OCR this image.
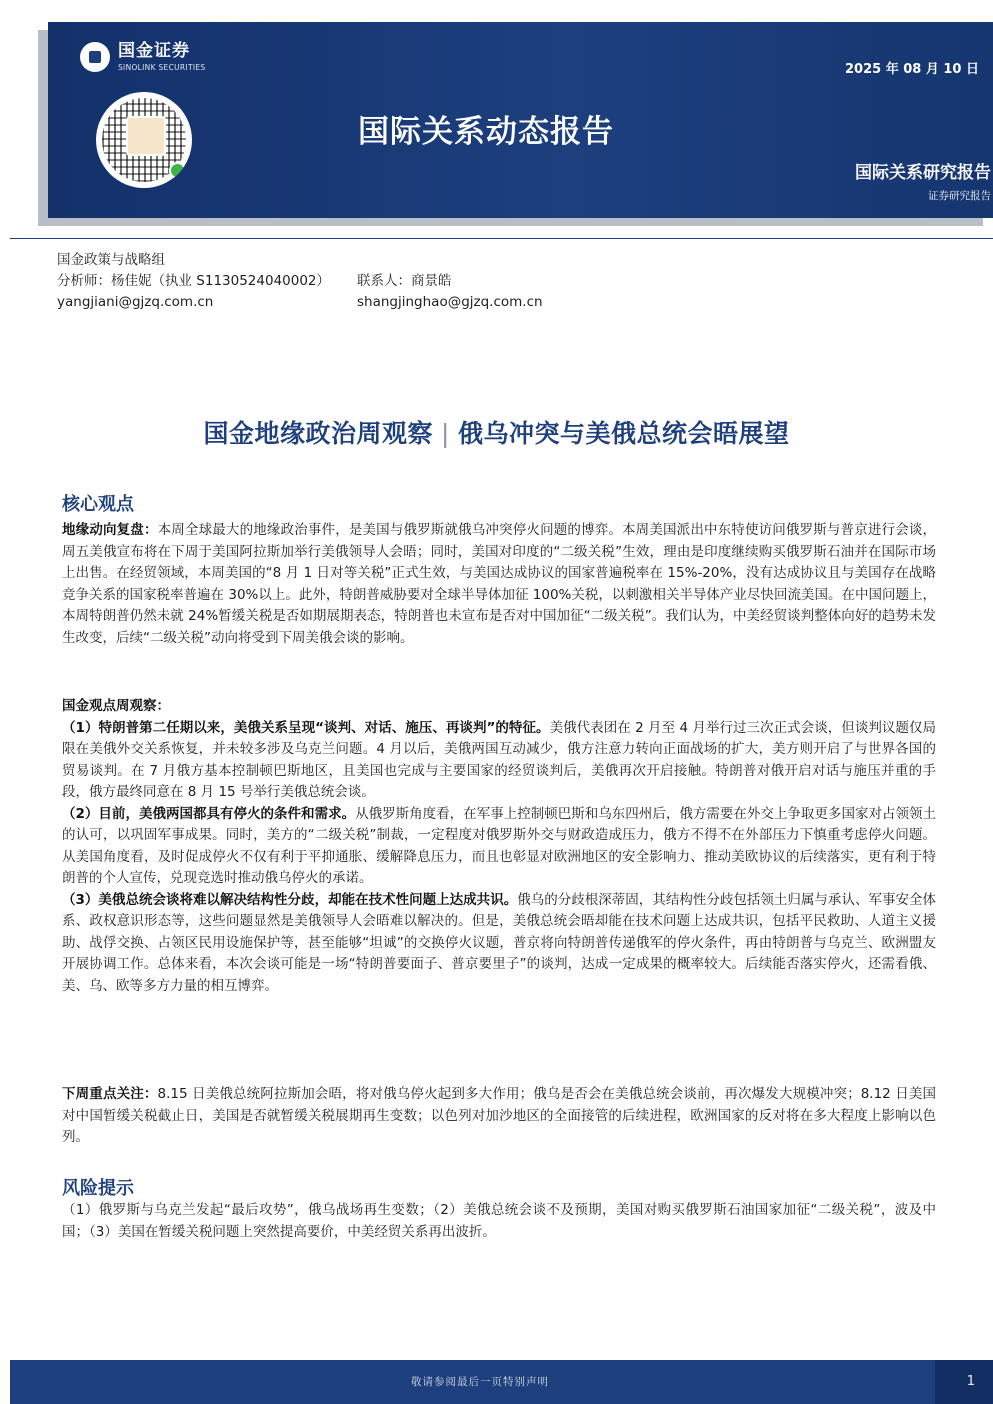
国金证券
SINOLINK SECURITIES
国际关系动态报告
2025 年 08 月 10 日
国际关系研究报告
证券研究报告
国金政策与战略组
分析师：杨佳妮（执业 S1130524040002）	联系人：商景皓
yangjiani@gjzq.com.cn	shangjinghao@gjzq.com.cn
国金地缘政治周观察 | 俄乌冲突与美俄总统会晤展望
核心观点

地缘动向复盘：本周全球最大的地缘政治事件，是美国与俄罗斯就俄乌冲突停火问题的博弈。本周美国派出中东特使访问俄罗斯与普京进行会谈，周五美俄宣布将在下周于美国阿拉斯加举行美俄领导人会晤；同时，美国对印度的“二级关税”生效，理由是印度继续购买俄罗斯石油并在国际市场上出售。在经贸领域，本周美国的“8 月 1 日对等关税”正式生效，与美国达成协议的国家普遍税率在 15%-20%，没有达成协议且与美国存在战略竞争关系的国家税率普遍在 30%以上。此外，特朗普威胁要对全球半导体加征 100%关税，以刺激相关半导体产业尽快回流美国。在中国问题上，本周特朗普仍然未就 24%暂缓关税是否如期展期表态，特朗普也未宣布是否对中国加征“二级关税”。我们认为，中美经贸谈判整体向好的趋势未发生改变，后续“二级关税”动向将受到下周美俄会谈的影响。

国金观点周观察：

（1）特朗普第二任期以来，美俄关系呈现“谈判、对话、施压、再谈判”的特征。美俄代表团在 2 月至 4 月举行过三次正式会谈，但谈判议题仅局限在美俄外交关系恢复，并未较多涉及乌克兰问题。4 月以后，美俄两国互动减少，俄方注意力转向正面战场的扩大，美方则开启了与世界各国的贸易谈判。在 7 月俄方基本控制顿巴斯地区，且美国也完成与主要国家的经贸谈判后，美俄再次开启接触。特朗普对俄开启对话与施压并重的手段，俄方最终同意在 8 月 15 号举行美俄总统会谈。

（2）目前，美俄两国都具有停火的条件和需求。从俄罗斯角度看，在军事上控制顿巴斯和乌东四州后，俄方需要在外交上争取更多国家对占领领土的认可，以巩固军事成果。同时，美方的“二级关税”制裁，一定程度对俄罗斯外交与财政造成压力，俄方不得不在外部压力下慎重考虑停火问题。从美国角度看，及时促成停火不仅有利于平抑通胀、缓解降息压力，而且也彰显对欧洲地区的安全影响力、推动美欧协议的后续落实，更有利于特朗普的个人宣传，兑现竞选时推动俄乌停火的承诺。

（3）美俄总统会谈将难以解决结构性分歧，却能在技术性问题上达成共识。俄乌的分歧根深蒂固，其结构性分歧包括领土归属与承认、军事安全体系、政权意识形态等，这些问题显然是美俄领导人会晤难以解决的。但是，美俄总统会晤却能在技术问题上达成共识，包括平民救助、人道主义援助、战俘交换、占领区民用设施保护等，甚至能够“坦诚”的交换停火议题，普京将向特朗普传递俄军的停火条件，再由特朗普与乌克兰、欧洲盟友开展协调工作。总体来看，本次会谈可能是一场“特朗普要面子、普京要里子”的谈判，达成一定成果的概率较大。后续能否落实停火，还需看俄、美、乌、欧等多方力量的相互博弈。

下周重点关注：8.15 日美俄总统阿拉斯加会晤，将对俄乌停火起到多大作用；俄乌是否会在美俄总统会谈前，再次爆发大规模冲突；8.12 日美国对中国暂缓关税截止日，美国是否就暂缓关税展期再生变数；以色列对加沙地区的全面接管的后续进程，欧洲国家的反对将在多大程度上影响以色列。

风险提示

（1）俄罗斯与乌克兰发起“最后攻势”，俄乌战场再生变数；（2）美俄总统会谈不及预期，美国对购买俄罗斯石油国家加征“二级关税”，波及中国；（3）美国在暂缓关税问题上突然提高要价，中美经贸关系再出波折。

敬请参阅最后一页特别声明	1
